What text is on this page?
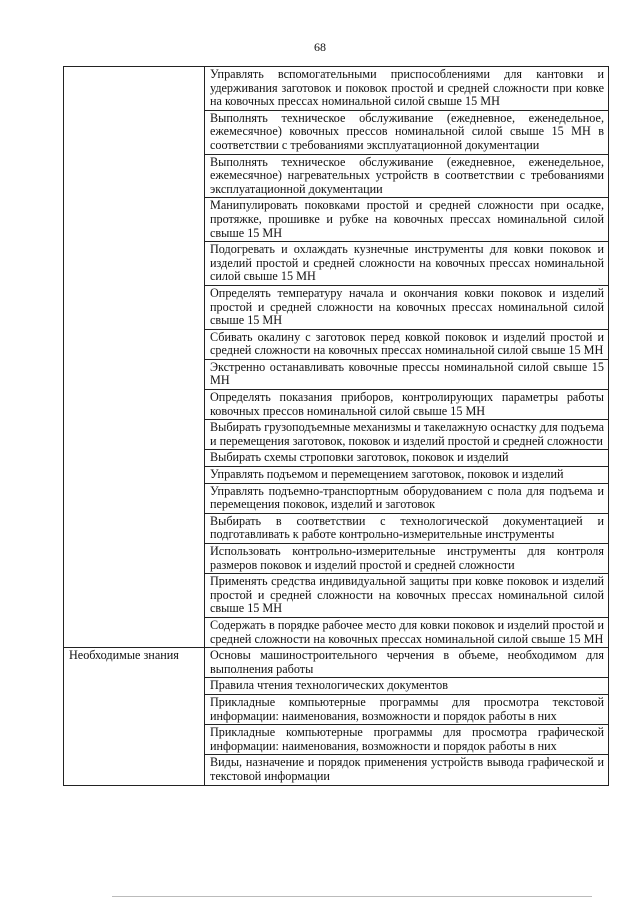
68
	Управлять вспомогательными приспособлениями для кантовки и удерживания заготовок и поковок простой и средней сложности при ковке на ковочных прессах номинальной силой свыше 15 МН
	Выполнять техническое обслуживание (ежедневное, еженедельное, ежемесячное) ковочных прессов номинальной силой свыше 15 МН в соответствии с требованиями эксплуатационной документации
	Выполнять техническое обслуживание (ежедневное, еженедельное, ежемесячное) нагревательных устройств в соответствии с требованиями эксплуатационной документации
	Манипулировать поковками простой и средней сложности при осадке, протяжке, прошивке и рубке на ковочных прессах номинальной силой свыше 15 МН
	Подогревать и охлаждать кузнечные инструменты для ковки поковок и изделий простой и средней сложности на ковочных прессах номинальной силой свыше 15 МН
	Определять температуру начала и окончания ковки поковок и изделий простой и средней сложности на ковочных прессах номинальной силой свыше 15 МН
	Сбивать окалину с заготовок перед ковкой поковок и изделий простой и средней сложности на ковочных прессах номинальной силой свыше 15 МН
	Экстренно останавливать ковочные прессы номинальной силой свыше 15 МН
	Определять показания приборов, контролирующих параметры работы ковочных прессов номинальной силой свыше 15 МН
	Выбирать грузоподъемные механизмы и такелажную оснастку для подъема и перемещения заготовок, поковок и изделий простой и средней сложности
	Выбирать схемы строповки заготовок, поковок и изделий
	Управлять подъемом и перемещением заготовок, поковок и изделий
	Управлять подъемно-транспортным оборудованием с пола для подъема и перемещения поковок, изделий и заготовок
	Выбирать в соответствии с технологической документацией и подготавливать к работе контрольно-измерительные инструменты
	Использовать контрольно-измерительные инструменты для контроля размеров поковок и изделий простой и средней сложности
	Применять средства индивидуальной защиты при ковке поковок и изделий простой и средней сложности на ковочных прессах номинальной силой свыше 15 МН
	Содержать в порядке рабочее место для ковки поковок и изделий простой и средней сложности на ковочных прессах номинальной силой свыше 15 МН
Необходимые знания	Основы машиностроительного черчения в объеме, необходимом для выполнения работы
	Правила чтения технологических документов
	Прикладные компьютерные программы для просмотра текстовой информации: наименования, возможности и порядок работы в них
	Прикладные компьютерные программы для просмотра графической информации: наименования, возможности и порядок работы в них
	Виды, назначение и порядок применения устройств вывода графической и текстовой информации
